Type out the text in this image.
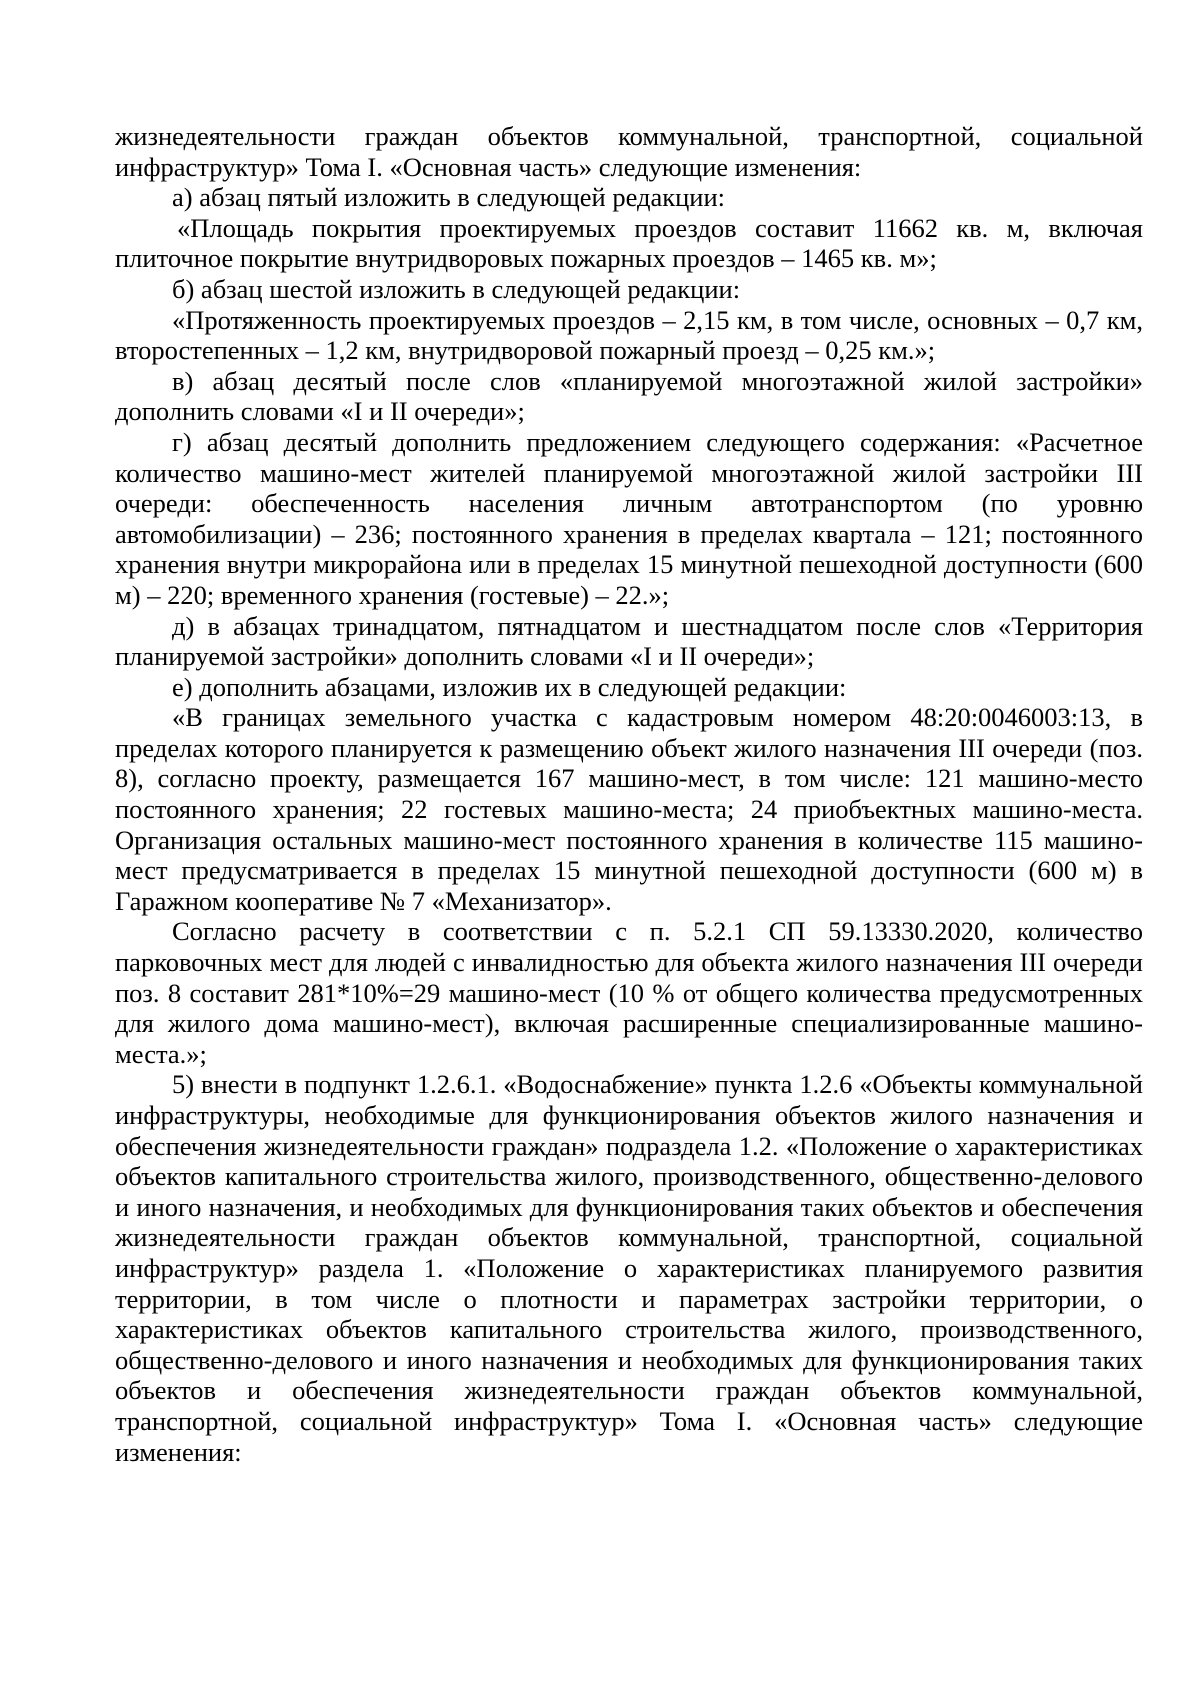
жизнедеятельности граждан объектов коммунальной, транспортной, социальной инфраструктур» Тома I. «Основная часть» следующие изменения:

а) абзац пятый изложить в следующей редакции:

«Площадь покрытия проектируемых проездов составит 11662 кв. м, включая плиточное покрытие внутридворовых пожарных проездов – 1465 кв. м»;

б) абзац шестой изложить в следующей редакции:

«Протяженность проектируемых проездов – 2,15 км, в том числе, основных – 0,7 км, второстепенных – 1,2 км, внутридворовой пожарный проезд – 0,25 км.»;

в) абзац десятый после слов «планируемой многоэтажной жилой застройки» дополнить словами «I и II очереди»;

г) абзац десятый дополнить предложением следующего содержания: «Расчетное количество машино-мест жителей планируемой многоэтажной жилой застройки III очереди: обеспеченность населения личным автотранспортом (по уровню автомобилизации) – 236; постоянного хранения в пределах квартала – 121; постоянного хранения внутри микрорайона или в пределах 15 минутной пешеходной доступности (600 м) – 220; временного хранения (гостевые) – 22.»;

д) в абзацах тринадцатом, пятнадцатом и шестнадцатом после слов «Территория планируемой застройки» дополнить словами «I и II очереди»;

е) дополнить абзацами, изложив их в следующей редакции:

«В границах земельного участка с кадастровым номером 48:20:0046003:13, в пределах которого планируется к размещению объект жилого назначения III очереди (поз. 8), согласно проекту, размещается 167 машино-мест, в том числе: 121 машино-место постоянного хранения; 22 гостевых машино-места; 24 приобъектных машино-места. Организация остальных машино-мест постоянного хранения в количестве 115 машино-мест предусматривается в пределах 15 минутной пешеходной доступности (600 м) в Гаражном кооперативе № 7 «Механизатор».

Согласно расчету в соответствии с п. 5.2.1 СП 59.13330.2020, количество парковочных мест для людей с инвалидностью для объекта жилого назначения III очереди поз. 8 составит 281*10%=29 машино-мест (10 % от общего количества предусмотренных для жилого дома машино-мест), включая расширенные специализированные машино-места.»;

5) внести в подпункт 1.2.6.1. «Водоснабжение» пункта 1.2.6 «Объекты коммунальной инфраструктуры, необходимые для функционирования объектов жилого назначения и обеспечения жизнедеятельности граждан» подраздела 1.2. «Положение о характеристиках объектов капитального строительства жилого, производственного, общественно-делового и иного назначения, и необходимых для функционирования таких объектов и обеспечения жизнедеятельности граждан объектов коммунальной, транспортной, социальной инфраструктур» раздела 1. «Положение о характеристиках планируемого развития территории, в том числе о плотности и параметрах застройки территории, о характеристиках объектов капитального строительства жилого, производственного, общественно-делового и иного назначения и необходимых для функционирования таких объектов и обеспечения жизнедеятельности граждан объектов коммунальной, транспортной, социальной инфраструктур» Тома I. «Основная часть» следующие изменения:
